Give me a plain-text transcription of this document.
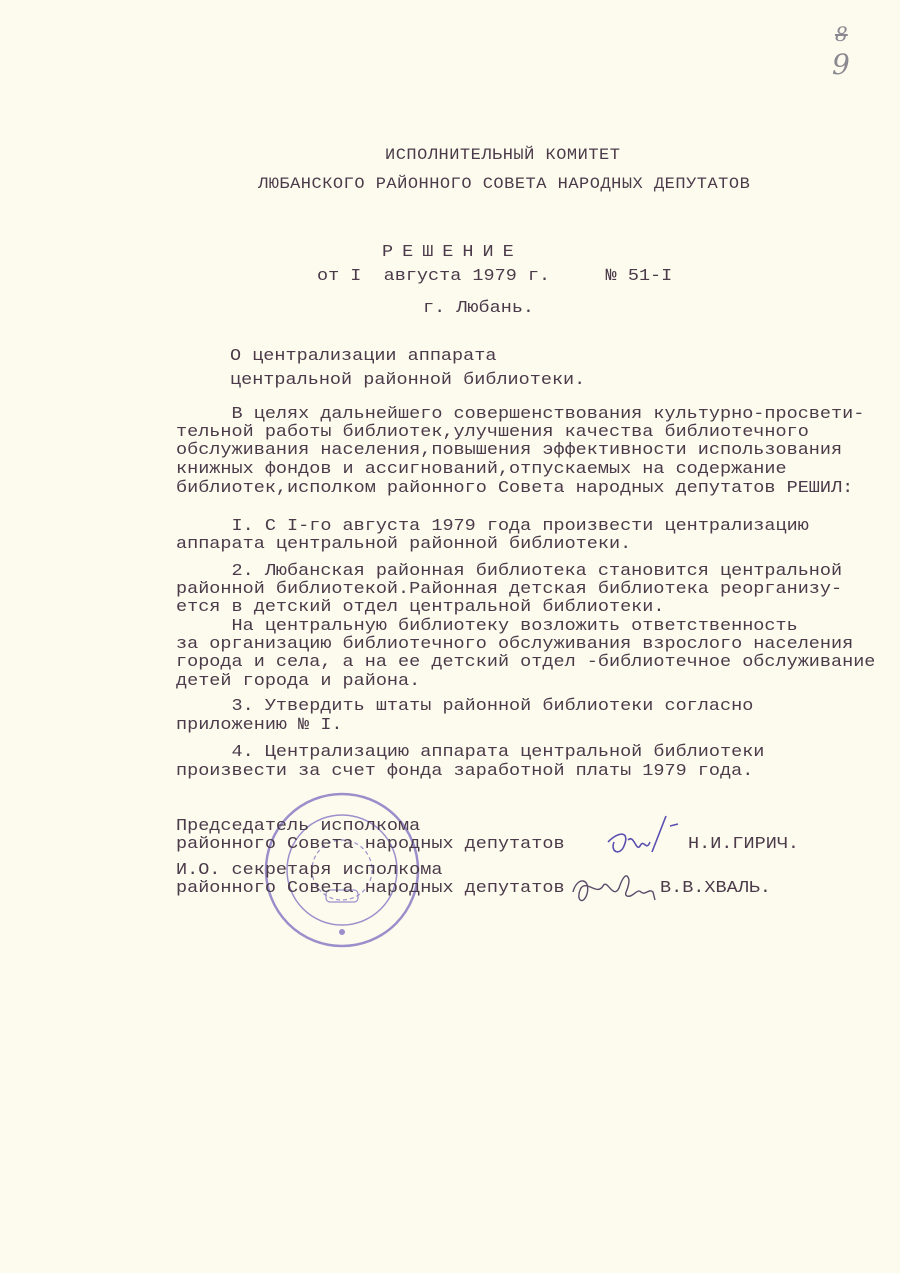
8
9
ИСПОЛНИТЕЛЬНЫЙ КОМИТЕТ
ЛЮБАНСКОГО РАЙОННОГО СОВЕТА НАРОДНЫХ ДЕПУТАТОВ
РЕШЕНИЕ
от I  августа 1979 г.     № 51-I
г. Любань.
О централизации аппарата
центральной районной библиотеки.
В целях дальнейшего совершенствования культурно-просвети-
тельной работы библиотек,улучшения качества библиотечного
обслуживания населения,повышения эффективности использования
книжных фондов и ассигнований,отпускаемых на содержание
библиотек,исполком районного Совета народных депутатов РЕШИЛ:
I. С I-го августа 1979 года произвести централизацию
аппарата центральной районной библиотеки.
2. Любанская районная библиотека становится центральной
районной библиотекой.Районная детская библиотека реорганизу-
ется в детский отдел центральной библиотеки.
На центральную библиотеку возложить ответственность
за организацию библиотечного обслуживания взрослого населения
города и села, а на ее детский отдел -библиотечное обслуживание
детей города и района.
3. Утвердить штаты районной библиотеки согласно
приложению № I.
4. Централизацию аппарата центральной библиотеки
произвести за счет фонда заработной платы 1979 года.
Председатель исполкома
районного Совета народных депутатов	Н.И.ГИРИЧ.
И.О. секретаря исполкома
районного Совета народных депутатов	В.В.ХВАЛЬ.
